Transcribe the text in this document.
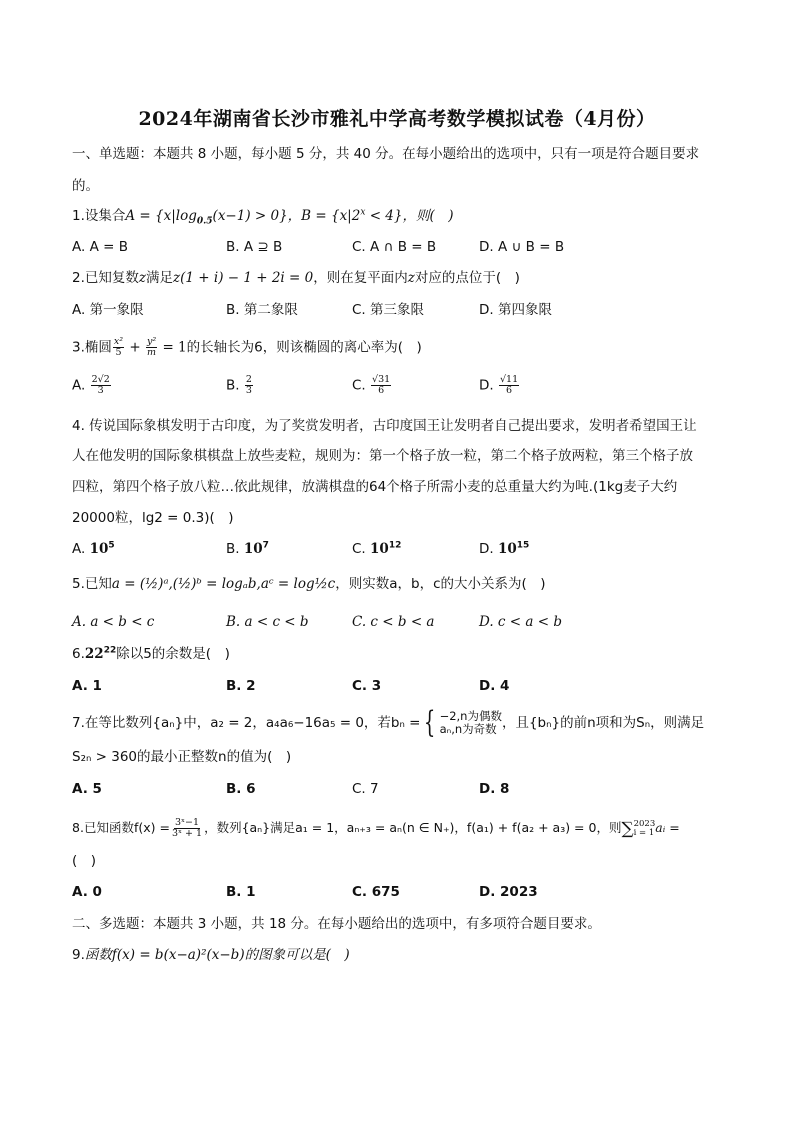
2024年湖南省长沙市雅礼中学高考数学模拟试卷（4月份）
一、单选题：本题共 8 小题，每小题 5 分，共 40 分。在每小题给出的选项中，只有一项是符合题目要求
的。
1.设集合$A = \{x|\log_{0.5}(x-1) > 0\}$，$B = \{x|2^x < 4\}$，则(　)
A. A = B	B. A ⊇ B	C. A ∩ B = B	D. A ∪ B = B
2.已知复数z满足z(1 + i) − 1 + 2i = 0，则在复平面内z对应的点位于(　)
A. 第一象限	B. 第二象限	C. 第三象限	D. 第四象限
3.椭圆 $\frac{\text{x²}}{5} + \frac{\text{y²}}{m} = 1$的长轴长为6，则该椭圆的离心率为(　)
A. $\frac{2√2}{3}$	B. $\frac{2}{3}$	C. $\frac{√31}{6}$	D. $\frac{√11}{6}$
4. 传说国际象棋发明于古印度，为了奖赏发明者，古印度国王让发明者自己提出要求，发明者希望国王让
人在他发明的国际象棋棋盘上放些麦粒，规则为：第一个格子放一粒，第二个格子放两粒，第三个格子放
四粒，第四个格子放八粒…依此规律，放满棋盘的64个格子所需小麦的总重量大约为吨.(1kg麦子大约
20000粒，lg2 = 0.3)(　)
A. $10^5$	B. $10^7$	C. $10^{12}$	D. $10^{15}$
5.已知a = (½)ᵃ,(½)ᵇ = logₐb,aᶜ = log½c，则实数a，b，c的大小关系为(　)
A. a < b < c	B. a < c < b	C. c < b < a	D. c < a < b
6.22$^{22}$除以5的余数是(　)
A. 1	B. 2	C. 3	D. 4
7.在等比数列{aₙ}中，a₂ = 2，a₄a₆−16a₅ = 0，若bₙ = { −2,n为偶数
aₙ,n为奇数 ，且{bₙ}的前n项和为Sₙ，则满足
S₂ₙ > 360的最小正整数n的值为(　)
A. 5	B. 6	C. 7	D. 8
8.已知函数$f(x) = \frac{\text{3ˣ−1}}{\text{3ˣ + 1}}$ ，数列{aₙ}满足a₁ = 1，aₙ₊₃ = aₙ(n ∈ N₊)，f(a₁) + f(a₂ + a₃) = 0，则 ∑ 2023
i = 1 aᵢ =
(　)
A. 0	B. 1	C. 675	D. 2023
二、多选题：本题共 3 小题，共 18 分。在每小题给出的选项中，有多项符合题目要求。
9.函数f(x) = b(x−a)²(x−b)的图象可以是(　)
